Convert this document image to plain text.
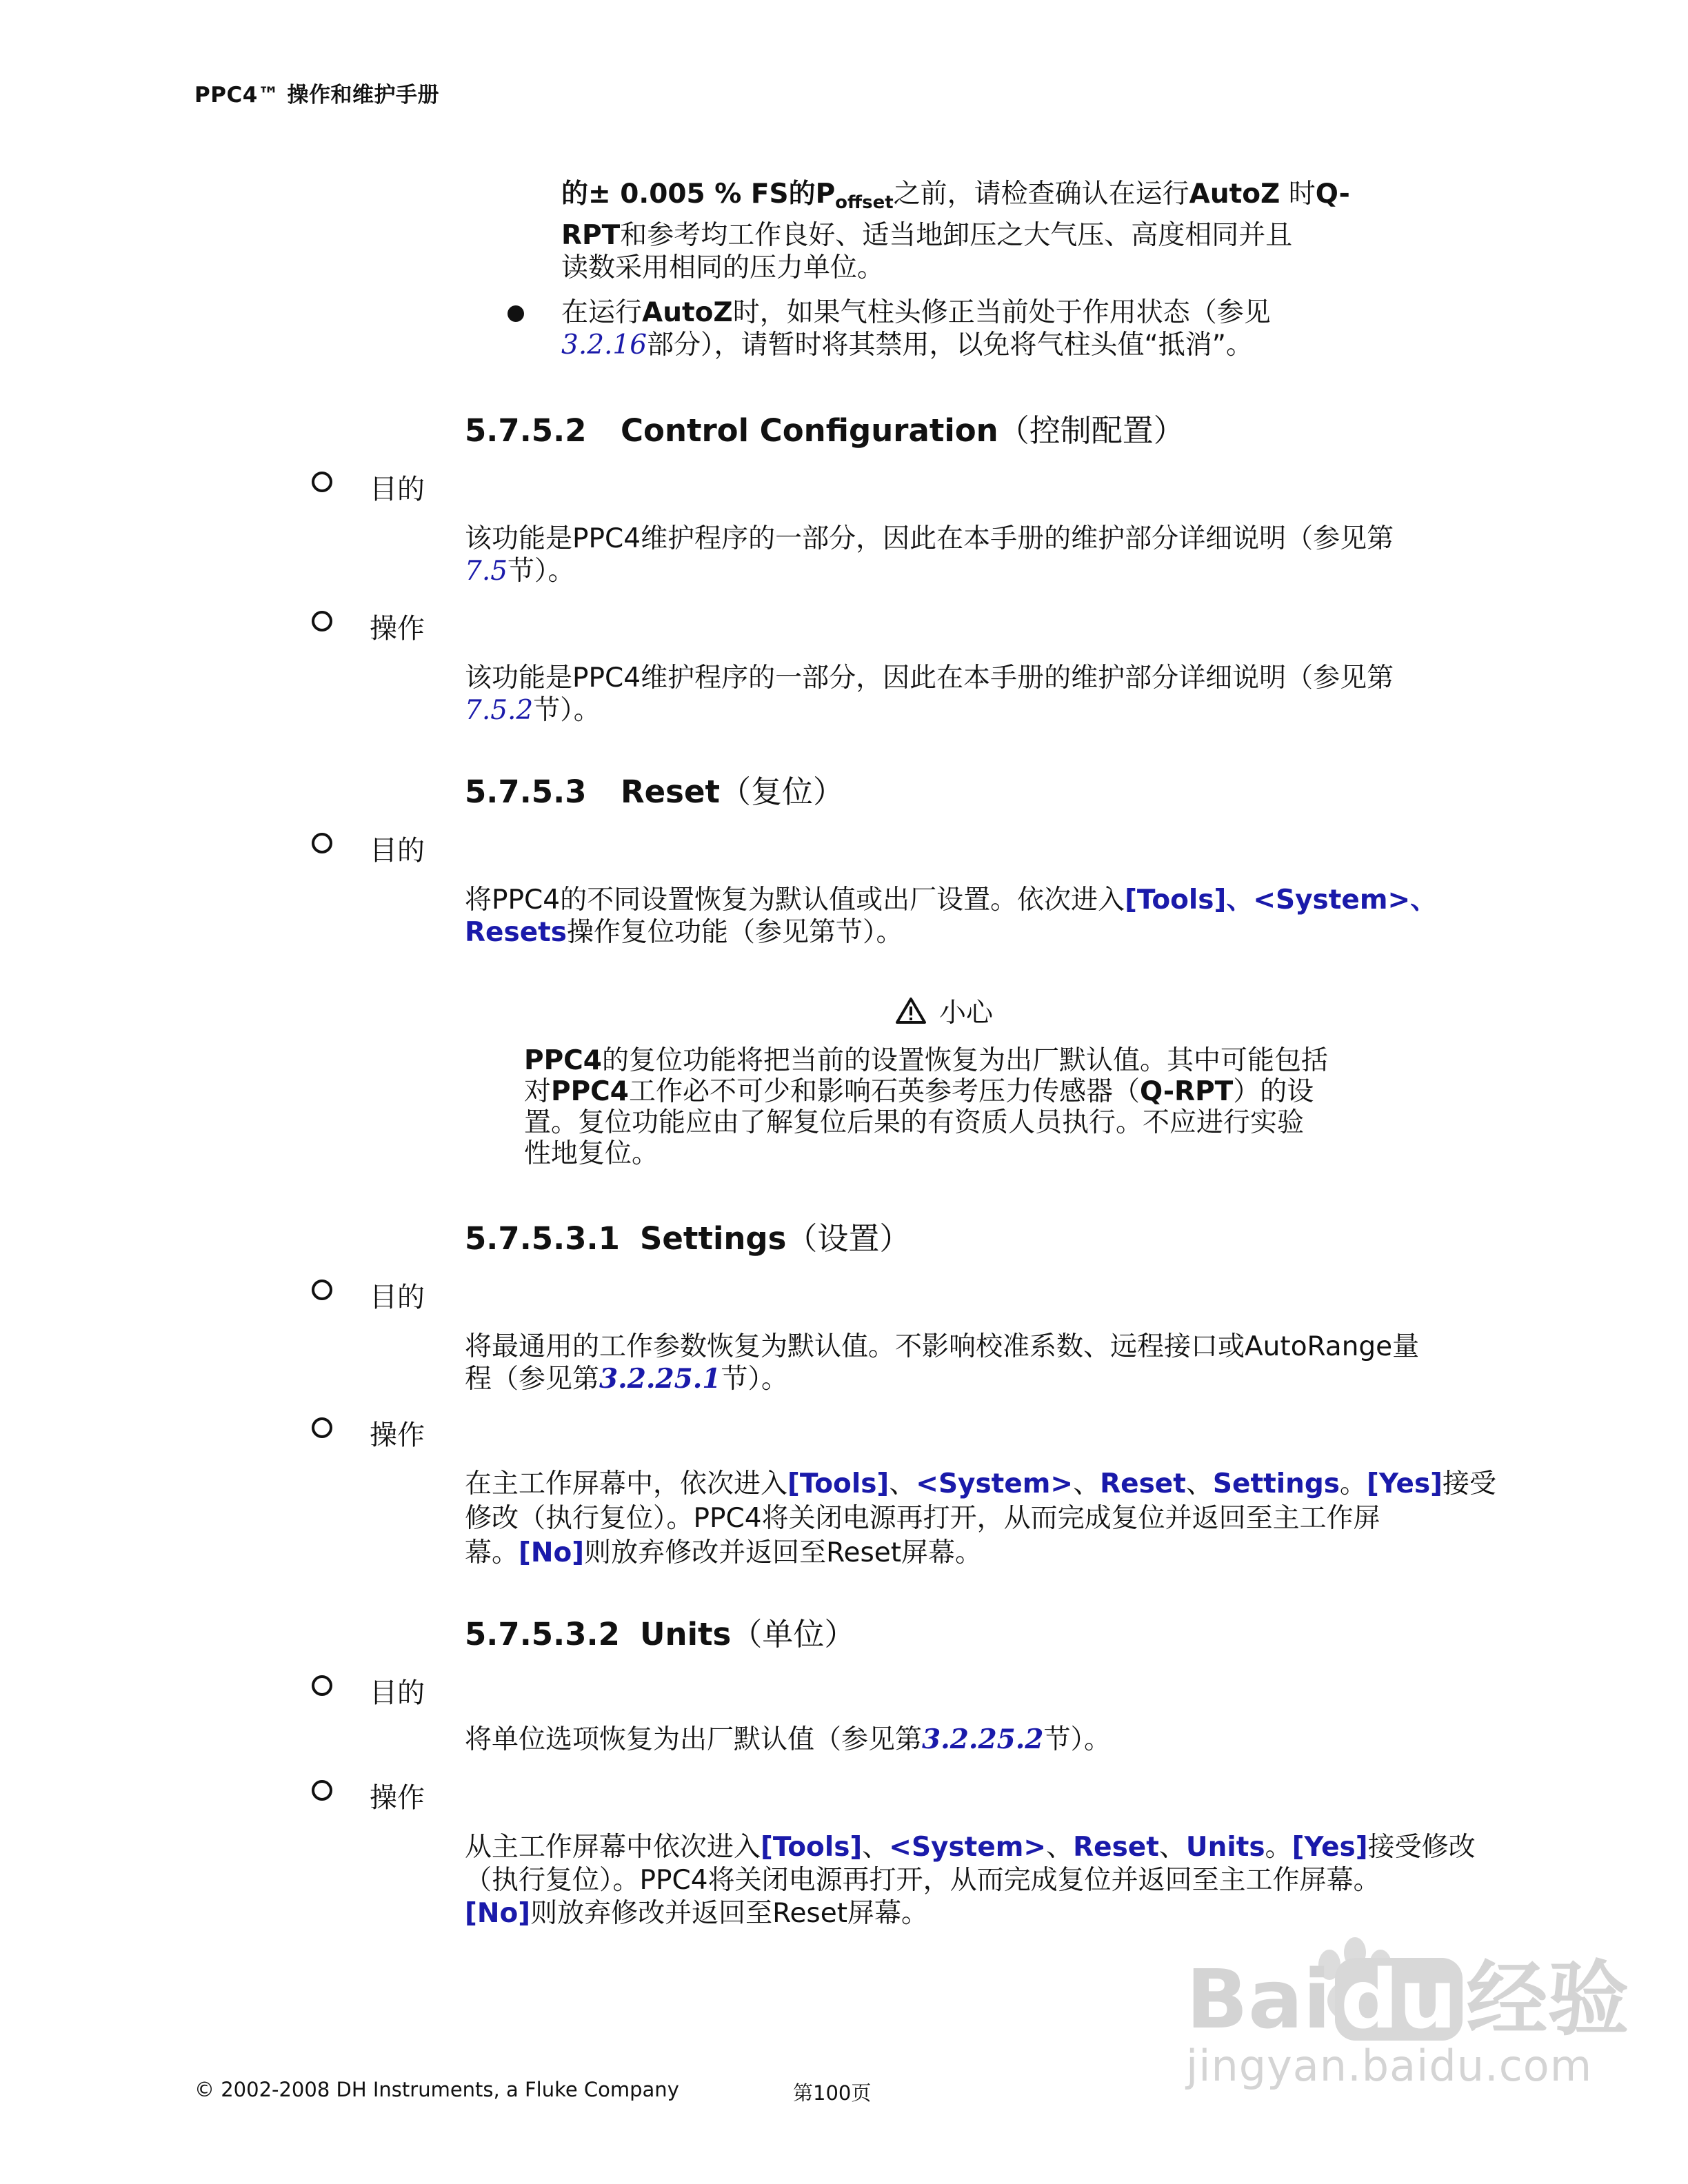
PPC4™ 操作和维护手册
的± 0.005 % FS的$P_{offset}$之前，请检查确认在运行AutoZ 时Q-
RPT和参考均工作良好、适当地卸压之大气压、高度相同并且
读数采用相同的压力单位。
在运行AutoZ时，如果气柱头修正当前处于作用状态（参见
3.2.16部分），请暂时将其禁用，以免将气柱头值“抵消”。
5.7.5.2 Control Configuration（控制配置）
目的
该功能是PPC4维护程序的一部分，因此在本手册的维护部分详细说明（参见第
7.5节）。
操作
该功能是PPC4维护程序的一部分，因此在本手册的维护部分详细说明（参见第
7.5.2节）。
5.7.5.3 Reset（复位）
目的
将PPC4的不同设置恢复为默认值或出厂设置。依次进入[Tools]、<System>、
Resets操作复位功能（参见第节）。
小心
PPC4的复位功能将把当前的设置恢复为出厂默认值。其中可能包括
对PPC4工作必不可少和影响石英参考压力传感器（Q-RPT）的设
置。复位功能应由了解复位后果的有资质人员执行。不应进行实验
性地复位。
5.7.5.3.1 Settings（设置）
目的
将最通用的工作参数恢复为默认值。不影响校准系数、远程接口或AutoRange量
程（参见第3.2.25.1节）。
操作
在主工作屏幕中，依次进入[Tools]、<System>、Reset、Settings。[Yes]接受
修改（执行复位）。PPC4将关闭电源再打开，从而完成复位并返回至主工作屏
幕。[No]则放弃修改并返回至Reset屏幕。
5.7.5.3.2 Units（单位）
目的
将单位选项恢复为出厂默认值（参见第3.2.25.2节）。
操作
从主工作屏幕中依次进入[Tools]、<System>、Reset、Units。[Yes]接受修改
（执行复位）。PPC4将关闭电源再打开，从而完成复位并返回至主工作屏幕。
[No]则放弃修改并返回至Reset屏幕。
Bai du 经验
jingyan.baidu.com
© 2002-2008 DH Instruments, a Fluke Company	第100页
